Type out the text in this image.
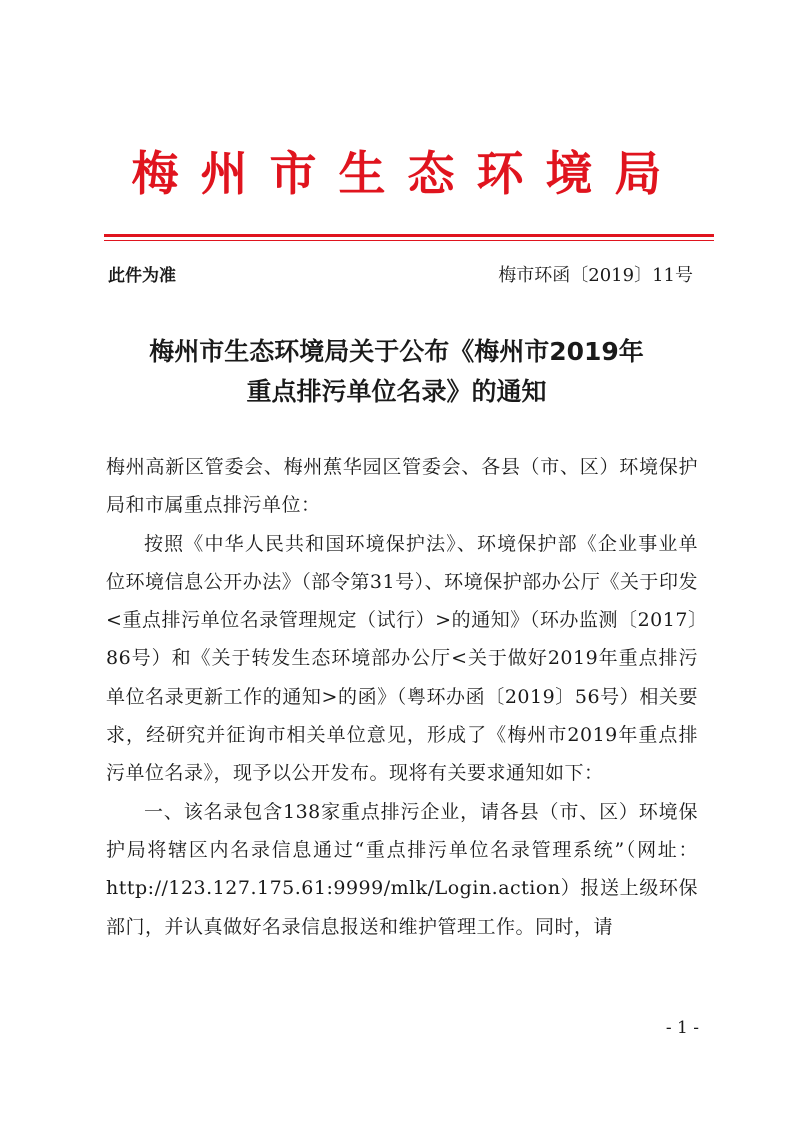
梅州市生态环境局
此件为准	梅市环函〔2019〕11号
梅州市生态环境局关于公布《梅州市2019年
重点排污单位名录》的通知

梅州高新区管委会、梅州蕉华园区管委会、各县（市、区）环境保护局和市属重点排污单位：

按照《中华人民共和国环境保护法》、环境保护部《企业事业单位环境信息公开办法》（部令第31号）、环境保护部办公厅《关于印发<重点排污单位名录管理规定（试行）>的通知》（环办监测〔2017〕86号）和《关于转发生态环境部办公厅<关于做好2019年重点排污单位名录更新工作的通知>的函》（粤环办函〔2019〕56号）相关要求，经研究并征询市相关单位意见，形成了《梅州市2019年重点排污单位名录》，现予以公开发布。现将有关要求通知如下：

一、该名录包含138家重点排污企业，请各县（市、区）环境保护局将辖区内名录信息通过“重点排污单位名录管理系统”（网址：http://123.127.175.61:9999/mlk/Login.action）报送上级环保部门，并认真做好名录信息报送和维护管理工作。同时，请

- 1 -
